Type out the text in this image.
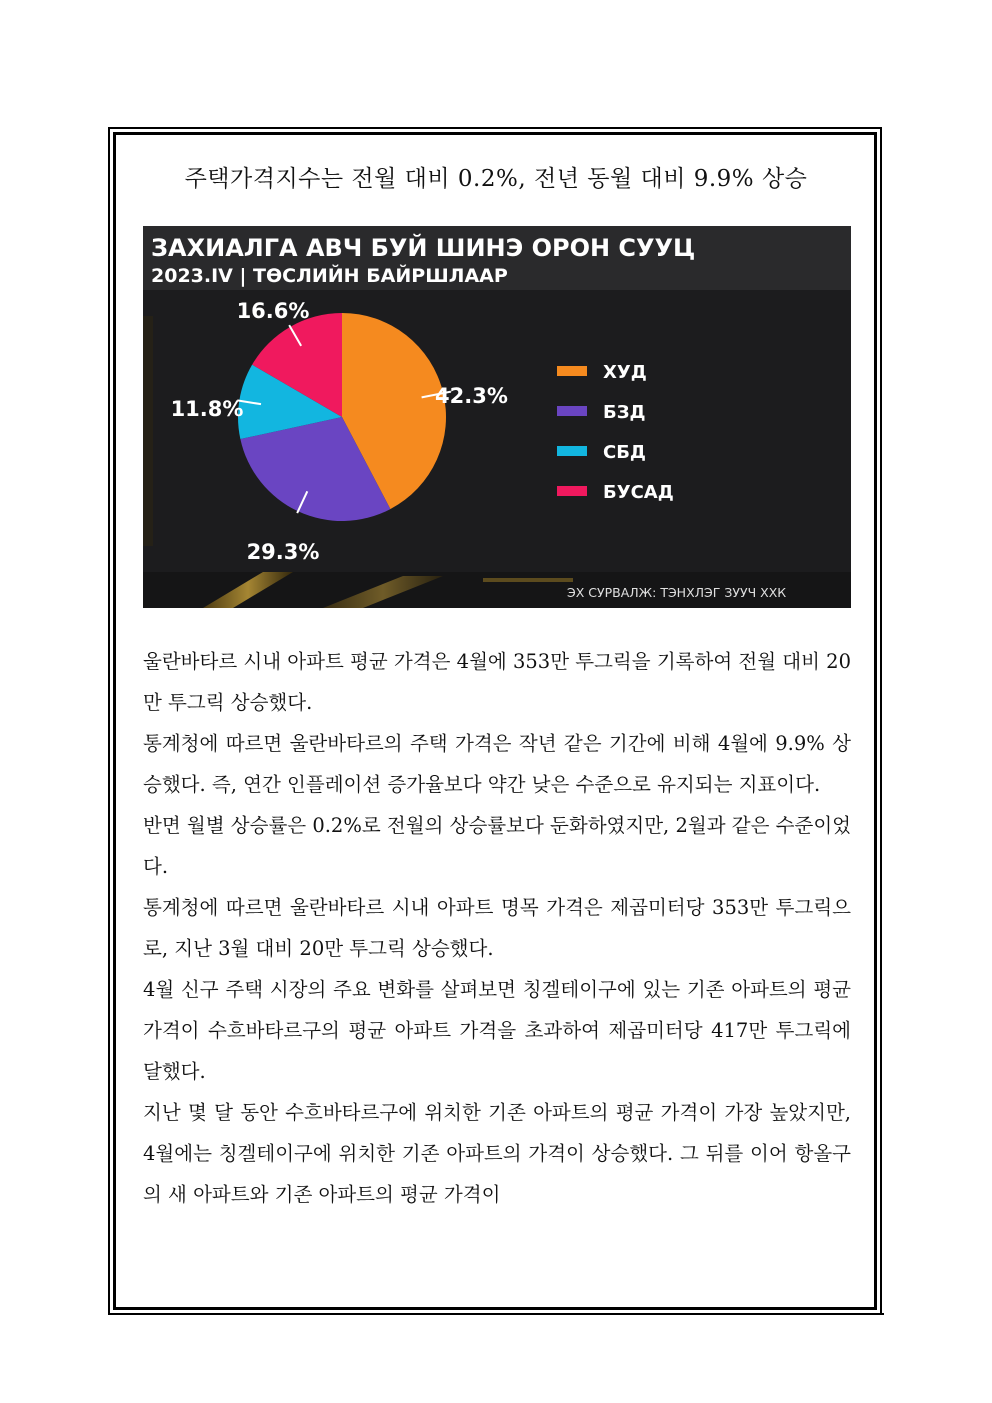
주택가격지수는 전월 대비 0.2%, 전년 동월 대비 9.9% 상승
ЗАХИАЛГА АВЧ БУЙ ШИНЭ ОРОН СУУЦ
2023.IV | ТӨСЛИЙН БАЙРШЛААР
42.3%
29.3%
11.8%
16.6%
ХУД
БЗД
СБД
БУСАД
ЭХ СУРВАЛЖ: ТЭНХЛЭГ ЗУУЧ ХХК

울란바타르 시내 아파트 평균 가격은 4월에 353만 투그릭을 기록하여 전월 대비 20만 투그릭 상승했다.

통계청에 따르면 울란바타르의 주택 가격은 작년 같은 기간에 비해 4월에 9.9% 상승했다. 즉, 연간 인플레이션 증가율보다 약간 낮은 수준으로 유지되는 지표이다.

반면 월별 상승률은 0.2%로 전월의 상승률보다 둔화하였지만, 2월과 같은 수준이었다.

통계청에 따르면 울란바타르 시내 아파트 명목 가격은 제곱미터당 353만 투그릭으로, 지난 3월 대비 20만 투그릭 상승했다.

4월 신구 주택 시장의 주요 변화를 살펴보면 칭겔테이구에 있는 기존 아파트의 평균 가격이 수흐바타르구의 평균 아파트 가격을 초과하여 제곱미터당 417만 투그릭에 달했다.

지난 몇 달 동안 수흐바타르구에 위치한 기존 아파트의 평균 가격이 가장 높았지만, 4월에는 칭겔테이구에 위치한 기존 아파트의 가격이 상승했다. 그 뒤를 이어 항올구의 새 아파트와 기존 아파트의 평균 가격이
